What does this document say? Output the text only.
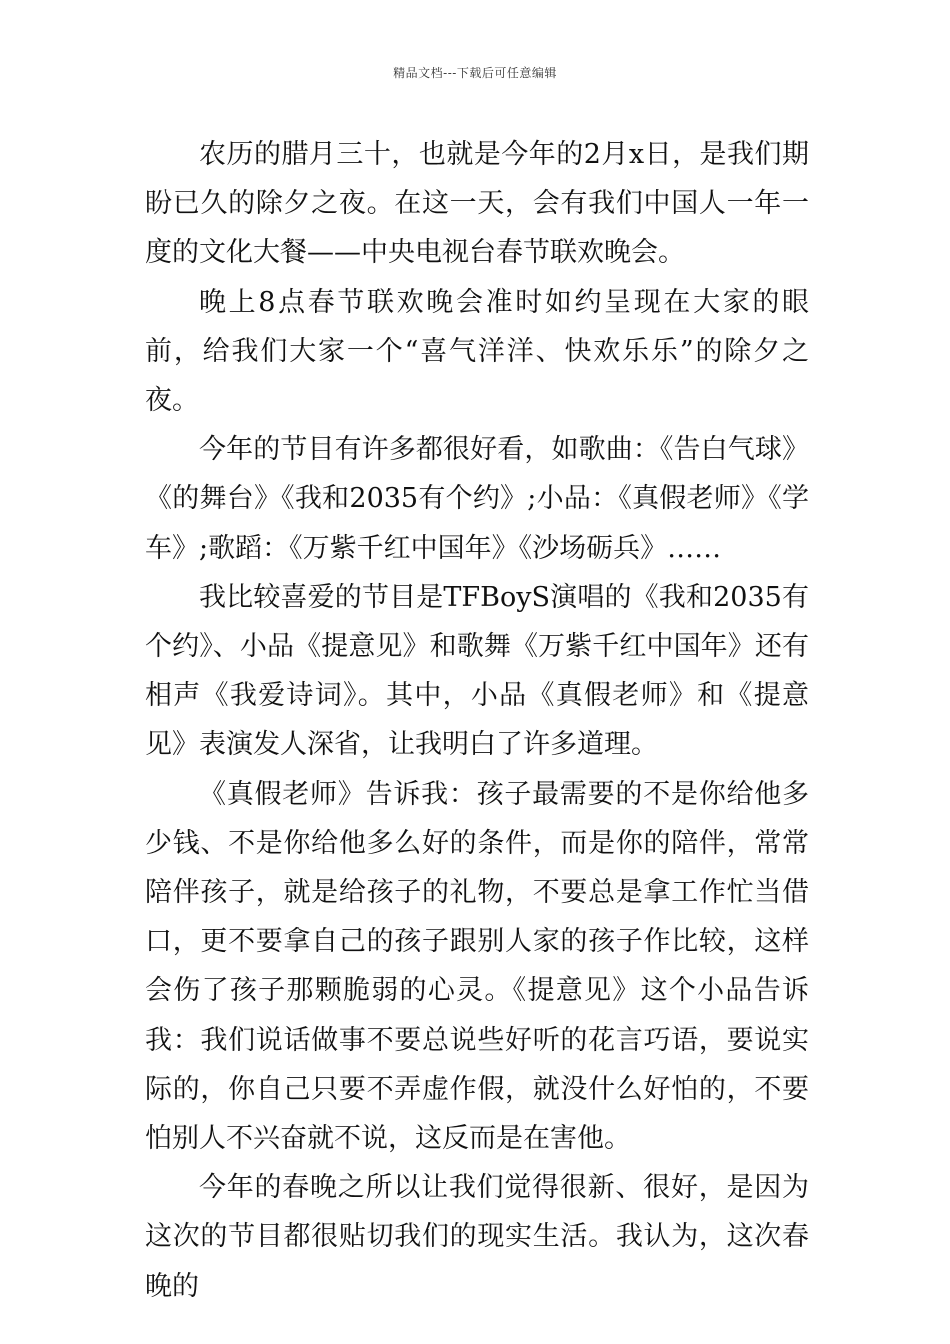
精品文档---下载后可任意编辑

农历的腊月三十，也就是今年的2月x日，是我们期盼已久的除夕之夜。在这一天，会有我们中国人一年一度的文化大餐——中央电视台春节联欢晚会。

晚上8点春节联欢晚会准时如约呈现在大家的眼前，给我们大家一个“喜气洋洋、快欢乐乐”的除夕之夜。

今年的节目有许多都很好看，如歌曲：《告白气球》《的舞台》《我和2035有个约》;小品：《真假老师》《学车》;歌蹈：《万紫千红中国年》《沙场砺兵》……

我比较喜爱的节目是TFBoyS演唱的《我和2035有个约》、小品《提意见》和歌舞《万紫千红中国年》还有相声《我爱诗词》。其中，小品《真假老师》和《提意见》表演发人深省，让我明白了许多道理。

《真假老师》告诉我：孩子最需要的不是你给他多少钱、不是你给他多么好的条件，而是你的陪伴，常常陪伴孩子，就是给孩子的礼物，不要总是拿工作忙当借口，更不要拿自己的孩子跟别人家的孩子作比较，这样会伤了孩子那颗脆弱的心灵。《提意见》这个小品告诉我：我们说话做事不要总说些好听的花言巧语，要说实际的，你自己只要不弄虚作假，就没什么好怕的，不要怕别人不兴奋就不说，这反而是在害他。

今年的春晚之所以让我们觉得很新、很好，是因为这次的节目都很贴切我们的现实生活。我认为，这次春晚的
